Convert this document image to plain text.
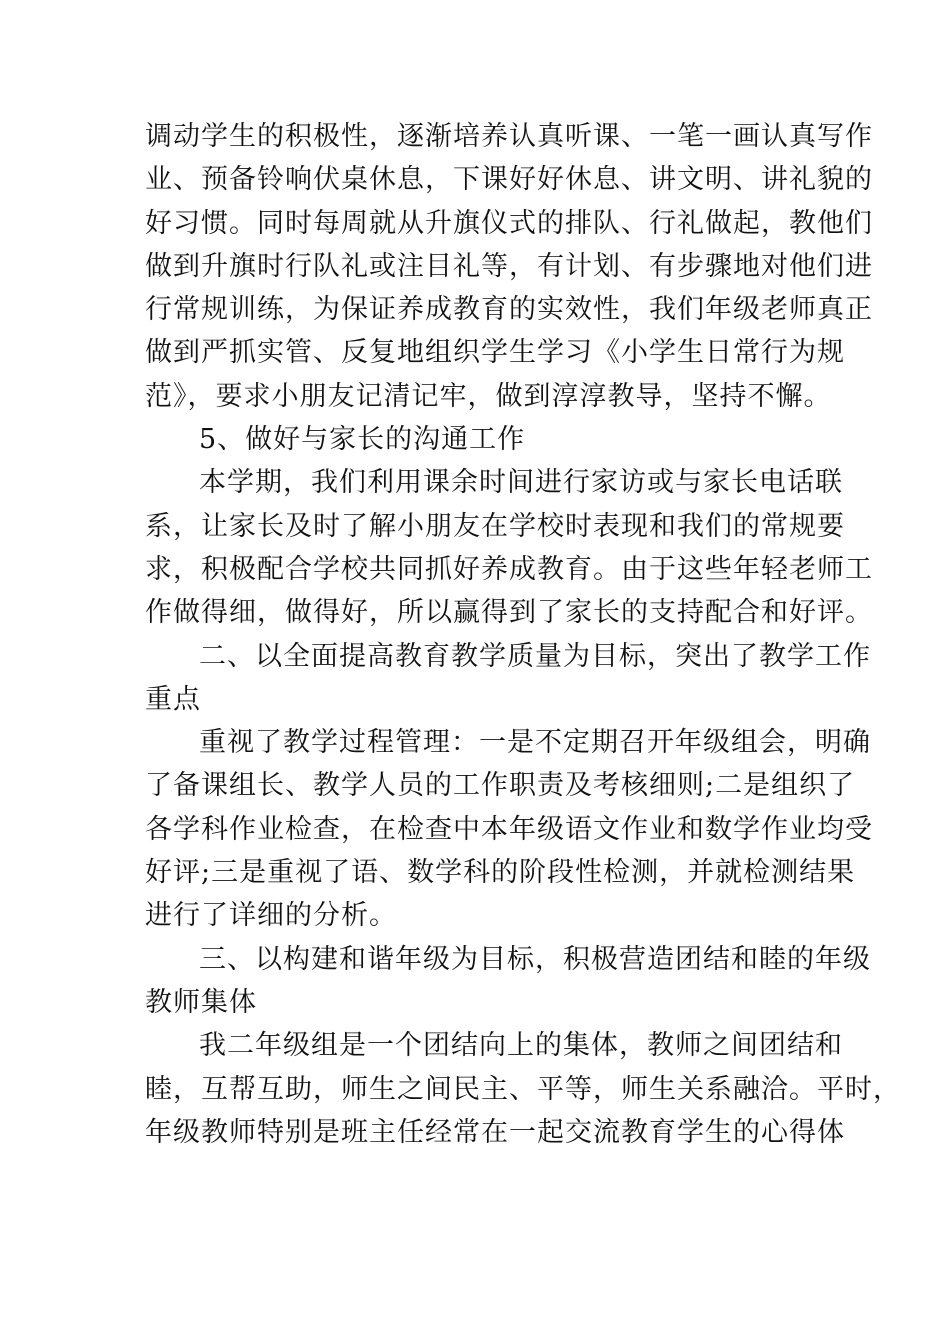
调动学生的积极性，逐渐培养认真听课、一笔一画认真写作
业、预备铃响伏桌休息，下课好好休息、讲文明、讲礼貌的
好习惯。同时每周就从升旗仪式的排队、行礼做起，教他们
做到升旗时行队礼或注目礼等，有计划、有步骤地对他们进
行常规训练，为保证养成教育的实效性，我们年级老师真正
做到严抓实管、反复地组织学生学习《小学生日常行为规
范》，要求小朋友记清记牢，做到淳淳教导，坚持不懈。
5、做好与家长的沟通工作
本学期，我们利用课余时间进行家访或与家长电话联
系，让家长及时了解小朋友在学校时表现和我们的常规要
求，积极配合学校共同抓好养成教育。由于这些年轻老师工
作做得细，做得好，所以赢得到了家长的支持配合和好评。
二、以全面提高教育教学质量为目标，突出了教学工作
重点
重视了教学过程管理：一是不定期召开年级组会，明确
了备课组长、教学人员的工作职责及考核细则;二是组织了
各学科作业检查，在检查中本年级语文作业和数学作业均受
好评;三是重视了语、数学科的阶段性检测，并就检测结果
进行了详细的分析。
三、以构建和谐年级为目标，积极营造团结和睦的年级
教师集体
我二年级组是一个团结向上的集体，教师之间团结和
睦，互帮互助，师生之间民主、平等，师生关系融洽。平时，
年级教师特别是班主任经常在一起交流教育学生的心得体
